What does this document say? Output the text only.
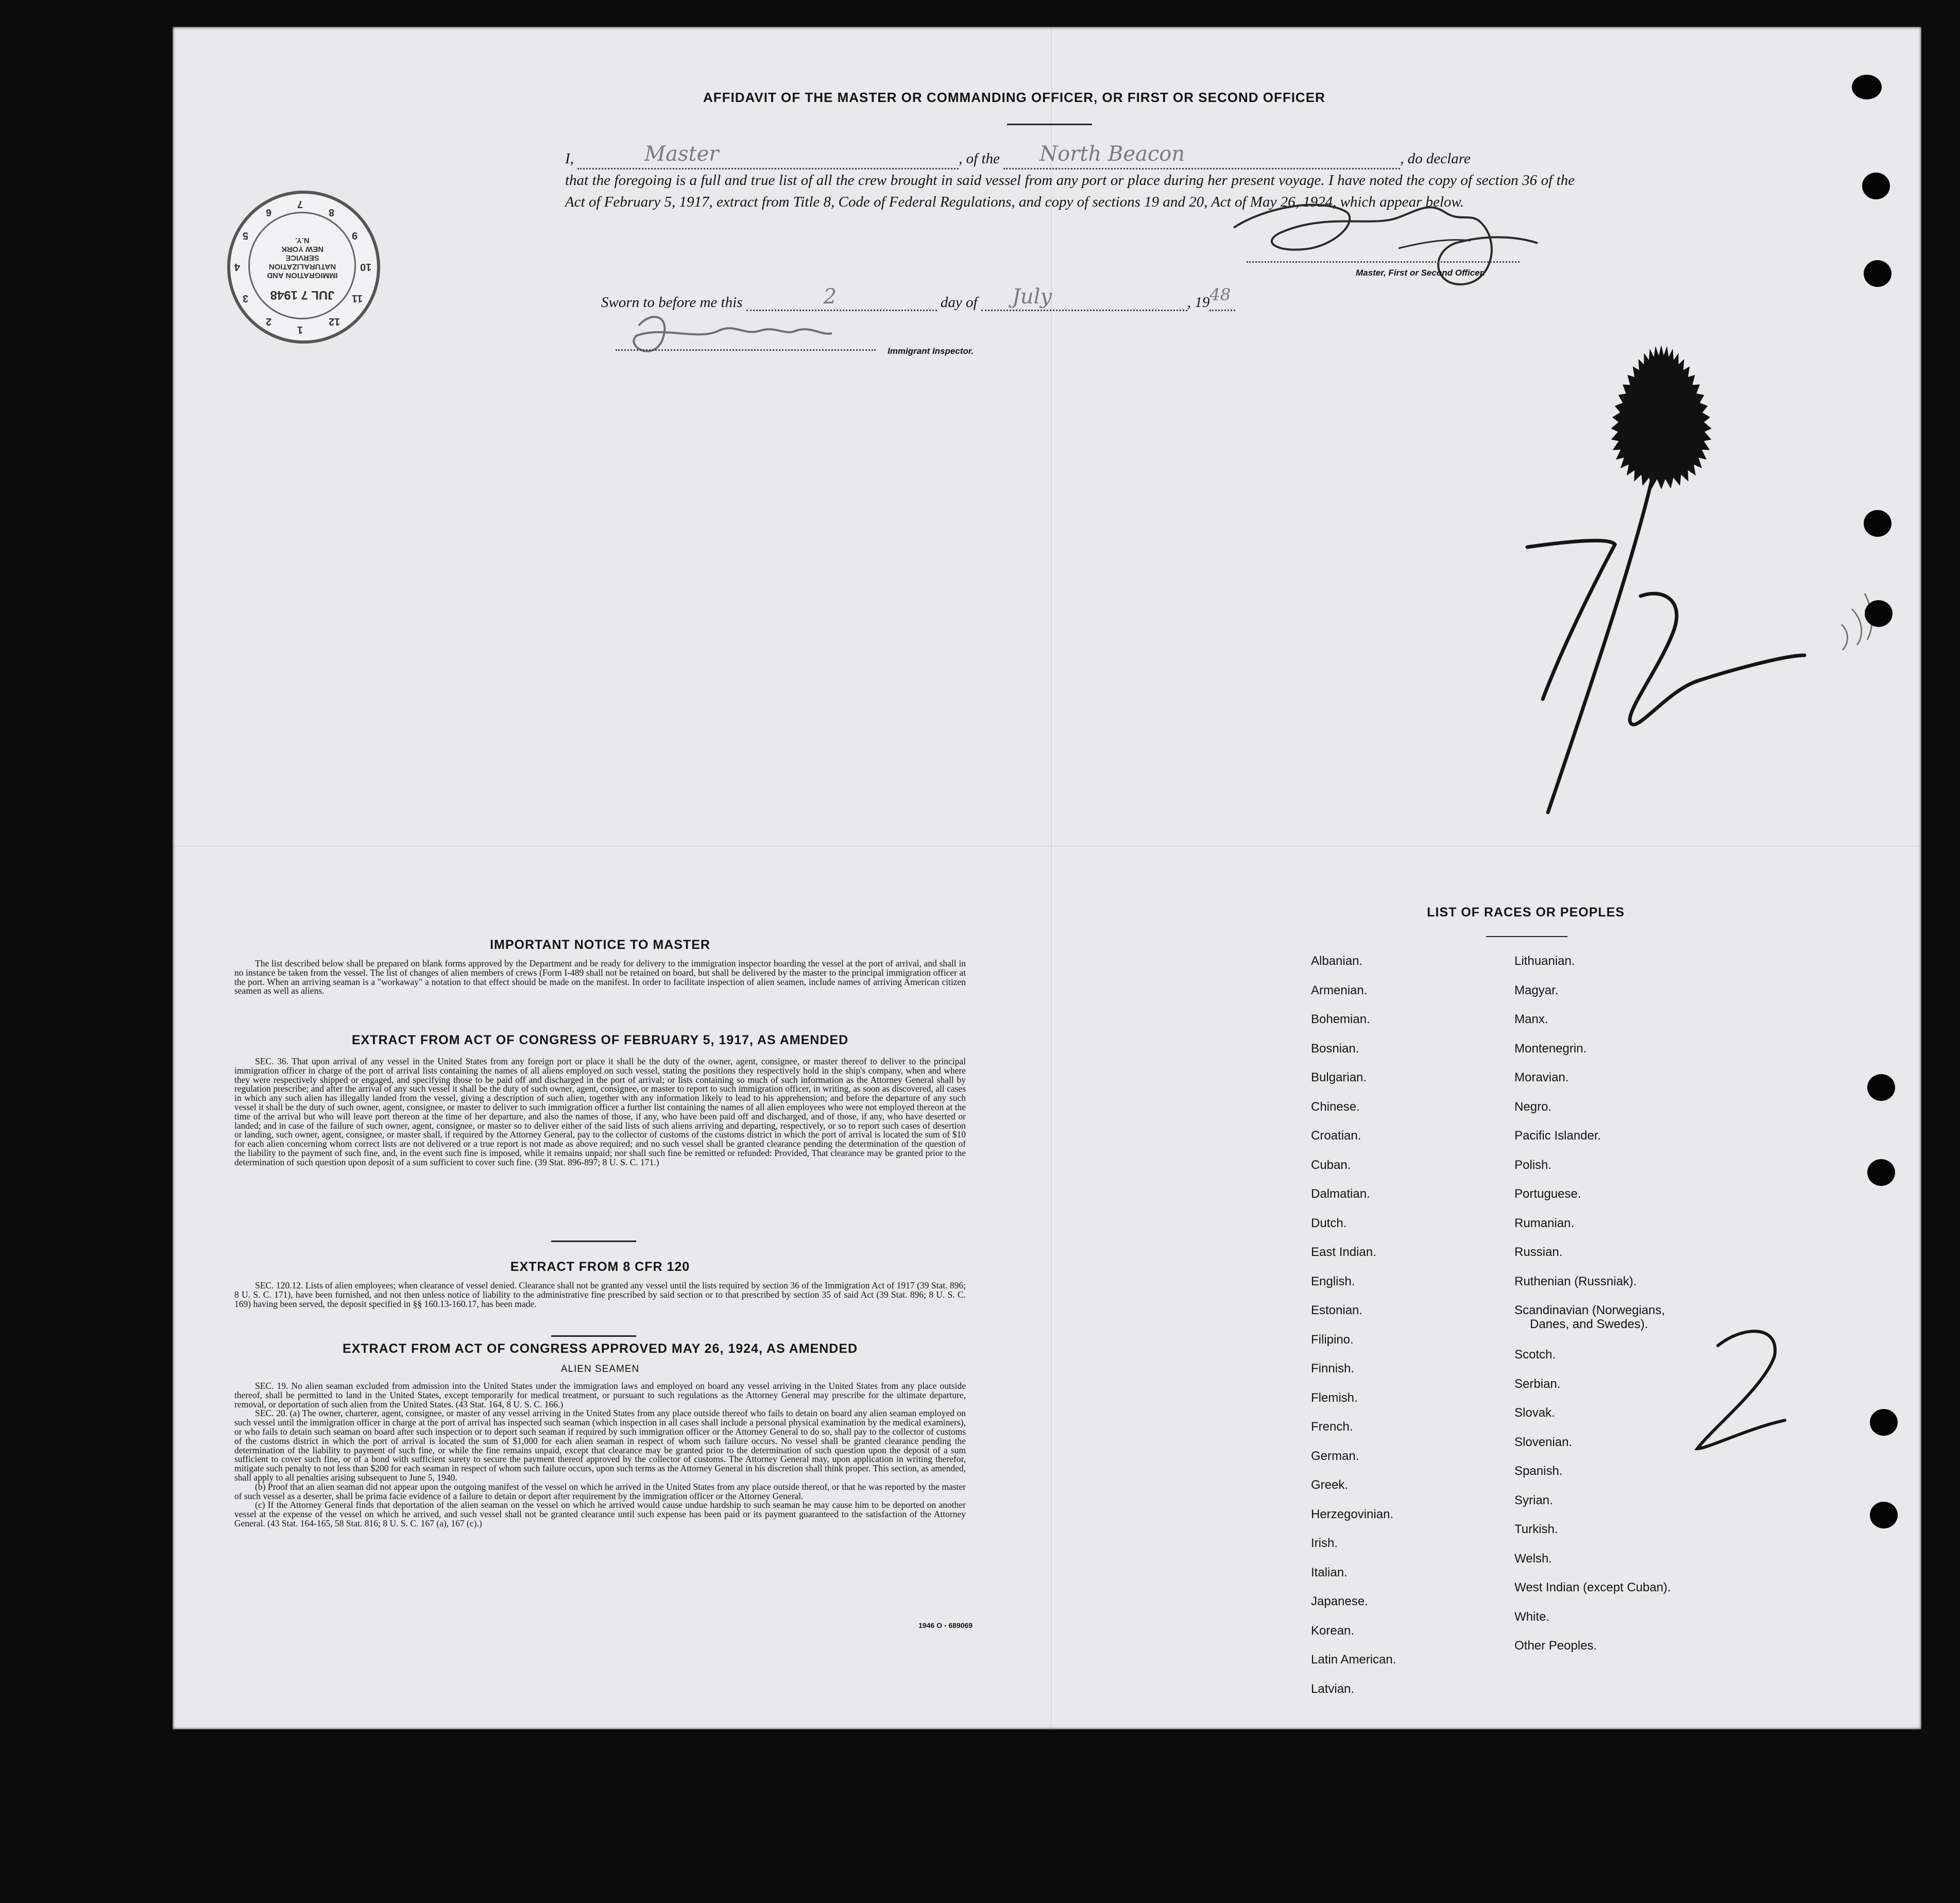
AFFIDAVIT OF THE MASTER OR COMMANDING OFFICER, OR FIRST OR SECOND OFFICER
I,	Master	, of the North Beacon	, do declare
that the foregoing is a full and true list of all the crew brought in said vessel from any port or place during her present voyage. I have noted the copy of section 36 of the Act of February 5, 1917, extract from Title 8, Code of Federal Regulations, and copy of sections 19 and 20, Act of May 26, 1924, which appear below.
Master, First or Second Officer.
Sworn to before me this	2	day of July	, 19 48
Immigrant Inspector.
IMMIGRATION AND
NATURALIZATION
SERVICE
NEW YORK
N.Y.
JUL 7 1948
1
2
3
4
5
6
7
8
9
10
11
12
IMPORTANT NOTICE TO MASTER
The list described below shall be prepared on blank forms approved by the Department and be ready for delivery to the immigration inspector boarding the vessel at the port of arrival, and shall in no instance be taken from the vessel. The list of changes of alien members of crews (Form I-489 shall not be retained on board, but shall be delivered by the master to the principal immigration officer at the port. When an arriving seaman is a "workaway" a notation to that effect should be made on the manifest. In order to facilitate inspection of alien seamen, include names of arriving American citizen seamen as well as aliens.
EXTRACT FROM ACT OF CONGRESS OF FEBRUARY 5, 1917, AS AMENDED
SEC. 36. That upon arrival of any vessel in the United States from any foreign port or place it shall be the duty of the owner, agent, consignee, or master thereof to deliver to the principal immigration officer in charge of the port of arrival lists containing the names of all aliens employed on such vessel, stating the positions they respectively hold in the ship's company, when and where they were respectively shipped or engaged, and specifying those to be paid off and discharged in the port of arrival; or lists containing so much of such information as the Attorney General shall by regulation prescribe; and after the arrival of any such vessel it shall be the duty of such owner, agent, consignee, or master to report to such immigration officer, in writing, as soon as discovered, all cases in which any such alien has illegally landed from the vessel, giving a description of such alien, together with any information likely to lead to his apprehension; and before the departure of any such vessel it shall be the duty of such owner, agent, consignee, or master to deliver to such immigration officer a further list containing the names of all alien employees who were not employed thereon at the time of the arrival but who will leave port thereon at the time of her departure, and also the names of those, if any, who have been paid off and discharged, and of those, if any, who have deserted or landed; and in case of the failure of such owner, agent, consignee, or master so to deliver either of the said lists of such aliens arriving and departing, respectively, or so to report such cases of desertion or landing, such owner, agent, consignee, or master shall, if required by the Attorney General, pay to the collector of customs of the customs district in which the port of arrival is located the sum of $10 for each alien concerning whom correct lists are not delivered or a true report is not made as above required; and no such vessel shall be granted clearance pending the determination of the question of the liability to the payment of such fine, and, in the event such fine is imposed, while it remains unpaid; nor shall such fine be remitted or refunded: Provided, That clearance may be granted prior to the determination of such question upon deposit of a sum sufficient to cover such fine. (39 Stat. 896-897; 8 U. S. C. 171.)
EXTRACT FROM 8 CFR 120
SEC. 120.12. Lists of alien employees; when clearance of vessel denied. Clearance shall not be granted any vessel until the lists required by section 36 of the Immigration Act of 1917 (39 Stat. 896; 8 U. S. C. 171), have been furnished, and not then unless notice of liability to the administrative fine prescribed by said section or to that prescribed by section 35 of said Act (39 Stat. 896; 8 U. S. C. 169) having been served, the deposit specified in §§ 160.13-160.17, has been made.
EXTRACT FROM ACT OF CONGRESS APPROVED MAY 26, 1924, AS AMENDED
ALIEN SEAMEN

SEC. 19. No alien seaman excluded from admission into the United States under the immigration laws and employed on board any vessel arriving in the United States from any place outside thereof, shall be permitted to land in the United States, except temporarily for medical treatment, or pursuant to such regulations as the Attorney General may prescribe for the ultimate departure, removal, or deportation of such alien from the United States. (43 Stat. 164, 8 U. S. C. 166.)

SEC. 20. (a) The owner, charterer, agent, consignee, or master of any vessel arriving in the United States from any place outside thereof who fails to detain on board any alien seaman employed on such vessel until the immigration officer in charge at the port of arrival has inspected such seaman (which inspection in all cases shall include a personal physical examination by the medical examiners), or who fails to detain such seaman on board after such inspection or to deport such seaman if required by such immigration officer or the Attorney General to do so, shall pay to the collector of customs of the customs district in which the port of arrival is located the sum of $1,000 for each alien seaman in respect of whom such failure occurs. No vessel shall be granted clearance pending the determination of the liability to payment of such fine, or while the fine remains unpaid, except that clearance may be granted prior to the determination of such question upon the deposit of a sum sufficient to cover such fine, or of a bond with sufficient surety to secure the payment thereof approved by the collector of customs. The Attorney General may, upon application in writing therefor, mitigate such penalty to not less than $200 for each seaman in respect of whom such failure occurs, upon such terms as the Attorney General in his discretion shall think proper. This section, as amended, shall apply to all penalties arising subsequent to June 5, 1940.

(b) Proof that an alien seaman did not appear upon the outgoing manifest of the vessel on which he arrived in the United States from any place outside thereof, or that he was reported by the master of such vessel as a deserter, shall be prima facie evidence of a failure to detain or deport after requirement by the immigration officer or the Attorney General.

(c) If the Attorney General finds that deportation of the alien seaman on the vessel on which he arrived would cause undue hardship to such seaman he may cause him to be deported on another vessel at the expense of the vessel on which he arrived, and such vessel shall not be granted clearance until such expense has been paid or its payment guaranteed to the satisfaction of the Attorney General. (43 Stat. 164-165, 58 Stat. 816; 8 U. S. C. 167 (a), 167 (c).)

1946 O - 689069
LIST OF RACES OR PEOPLES
Albanian.
Armenian.
Bohemian.
Bosnian.
Bulgarian.
Chinese.
Croatian.
Cuban.
Dalmatian.
Dutch.
East Indian.
English.
Estonian.
Filipino.
Finnish.
Flemish.
French.
German.
Greek.
Herzegovinian.
Irish.
Italian.
Japanese.
Korean.
Latin American.
Latvian.
Lithuanian.
Magyar.
Manx.
Montenegrin.
Moravian.
Negro.
Pacific Islander.
Polish.
Portuguese.
Rumanian.
Russian.
Ruthenian (Russniak).
Scandinavian (Norwegians,
Danes, and Swedes).
Scotch.
Serbian.
Slovak.
Slovenian.
Spanish.
Syrian.
Turkish.
Welsh.
West Indian (except Cuban).
White.
Other Peoples.
